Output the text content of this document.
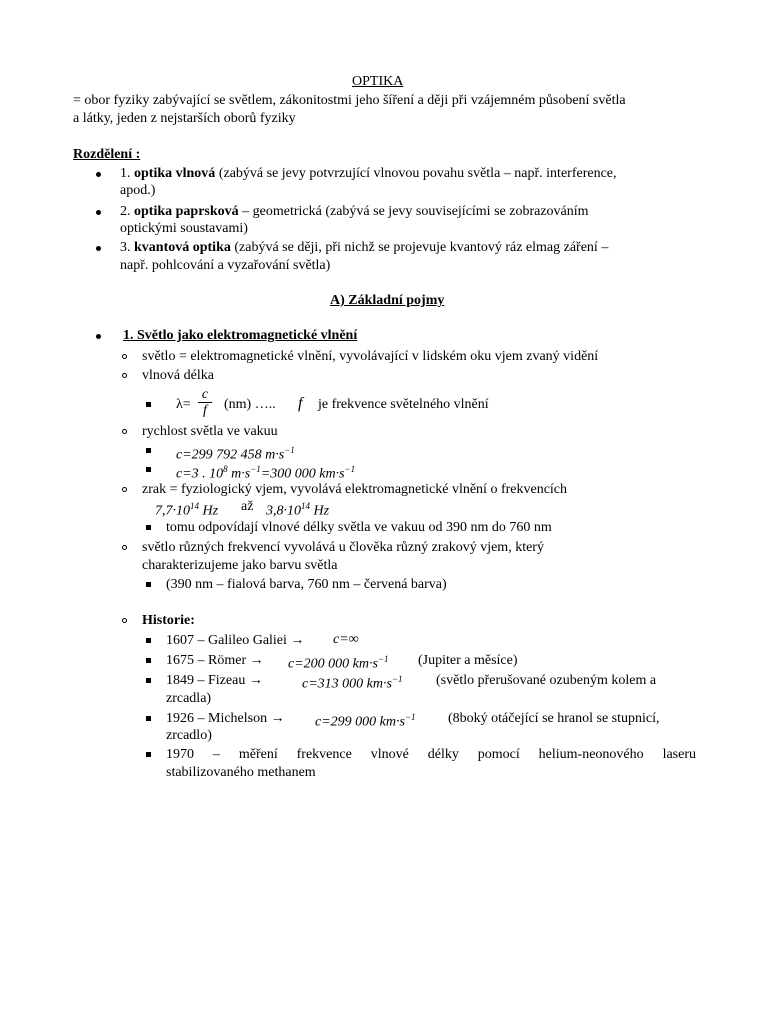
OPTIKA
= obor fyziky zabývající se světlem, zákonitostmi jeho šíření a ději při vzájemném působení světla
a látky, jeden z nejstarších oborů fyziky
Rozdělení :
1. optika vlnová (zabývá se jevy potvrzující vlnovou povahu světla – např. interference,
apod.)
2. optika paprsková – geometrická (zabývá se jevy souvisejícími se zobrazováním
optickými soustavami)
3. kvantová optika (zabývá se ději, při nichž se projevuje kvantový ráz elmag záření –
např. pohlcování a vyzařování světla)
A) Základní pojmy
1. Světlo jako elektromagnetické vlnění
světlo = elektromagnetické vlnění, vyvolávající v lidském oku vjem zvaný vidění
vlnová délka
$\lambda= \frac{c}{f} (nm)$ ….. f je frekvence světelného vlnění
rychlost světla ve vakuu
c=299 792 458 $m\cdot s^{-1}$
c=3 . $10^8$ $m\cdot s^{-1}=300$ 000 $km\cdot s^{-1}$
zrak = fyziologický vjem, vyvolává elektromagnetické vlnění o frekvencích
$7,7\cdot 10^{14}$ Hz až $3,8\cdot 10^{14}$ Hz
tomu odpovídají vlnové délky světla ve vakuu od 390 nm do 760 nm
světlo různých frekvencí vyvolává u člověka různý zrakový vjem, který
charakterizujeme jako barvu světla
(390 nm – fialová barva, 760 nm – červená barva)
Historie:
1607 – Galileo Galiei → c=∞
1675 – Römer → c=200 000 $km\cdot s^{-1}$ (Jupiter a měsíce)
1849 – Fizeau →	c=313 000 $km\cdot s^{-1}$ (světlo přerušované ozubeným kolem a
zrcadla)
1926 – Michelson → c=299 000 $km\cdot s^{-1}$ (8boký otáčející se hranol se stupnicí,
zrcadlo)
1970 – měření frekvence vlnové délky pomocí helium-neonového laseru
stabilizovaného methanem
